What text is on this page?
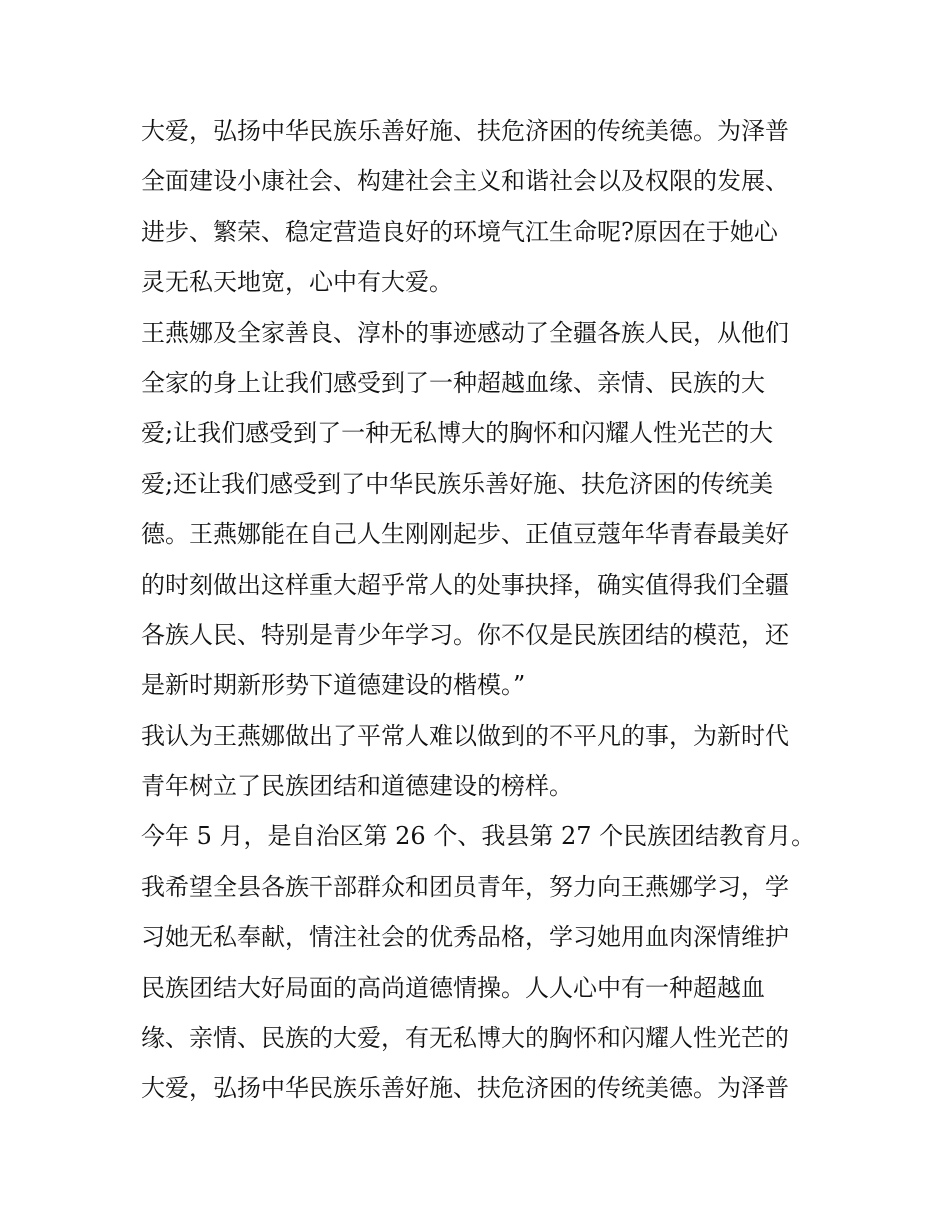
大爱，弘扬中华民族乐善好施、扶危济困的传统美德。为泽普
全面建设小康社会、构建社会主义和谐社会以及权限的发展、
进步、繁荣、稳定营造良好的环境气江生命呢?原因在于她心
灵无私天地宽，心中有大爱。
王燕娜及全家善良、淳朴的事迹感动了全疆各族人民，从他们
全家的身上让我们感受到了一种超越血缘、亲情、民族的大
爱;让我们感受到了一种无私博大的胸怀和闪耀人性光芒的大
爱;还让我们感受到了中华民族乐善好施、扶危济困的传统美
德。王燕娜能在自己人生刚刚起步、正值豆蔻年华青春最美好
的时刻做出这样重大超乎常人的处事抉择，确实值得我们全疆
各族人民、特别是青少年学习。你不仅是民族团结的模范，还
是新时期新形势下道德建设的楷模。”
我认为王燕娜做出了平常人难以做到的不平凡的事，为新时代
青年树立了民族团结和道德建设的榜样。
今年 5 月，是自治区第 26 个、我县第 27 个民族团结教育月。
我希望全县各族干部群众和团员青年，努力向王燕娜学习，学
习她无私奉献，情注社会的优秀品格，学习她用血肉深情维护
民族团结大好局面的高尚道德情操。人人心中有一种超越血
缘、亲情、民族的大爱，有无私博大的胸怀和闪耀人性光芒的
大爱，弘扬中华民族乐善好施、扶危济困的传统美德。为泽普
